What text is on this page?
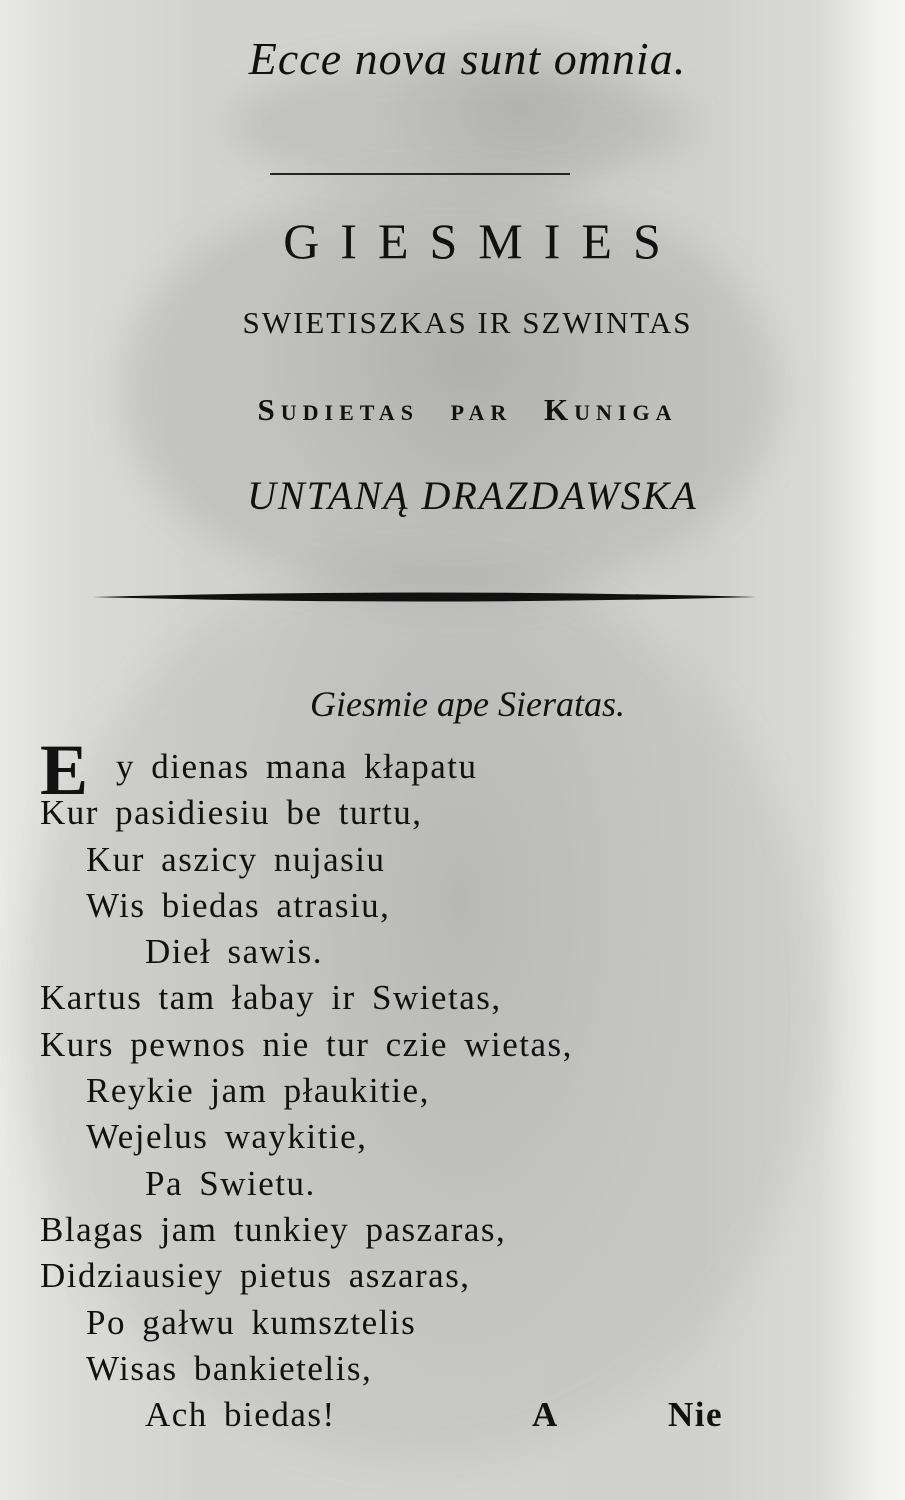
Ecce nova sunt omnia.
GIESMIES
SWIETISZKAS IR SZWINTAS
Sudietas par Kuniga
UNTANĄ DRAZDAWSKA
Giesmie ape Sieratas.
E y dienas mana kłapatu
Kur pasidiesiu be turtu,
Kur aszicy nujasiu
Wis biedas atrasiu,
Dieł sawis.
Kartus tam łabay ir Swietas,
Kurs pewnos nie tur czie wietas,
Reykie jam płaukitie,
Wejelus waykitie,
Pa Swietu.
Blagas jam tunkiey paszaras,
Didziausiey pietus aszaras,
Po gałwu kumsztelis
Wisas bankietelis,
Ach biedas!	A	Nie
